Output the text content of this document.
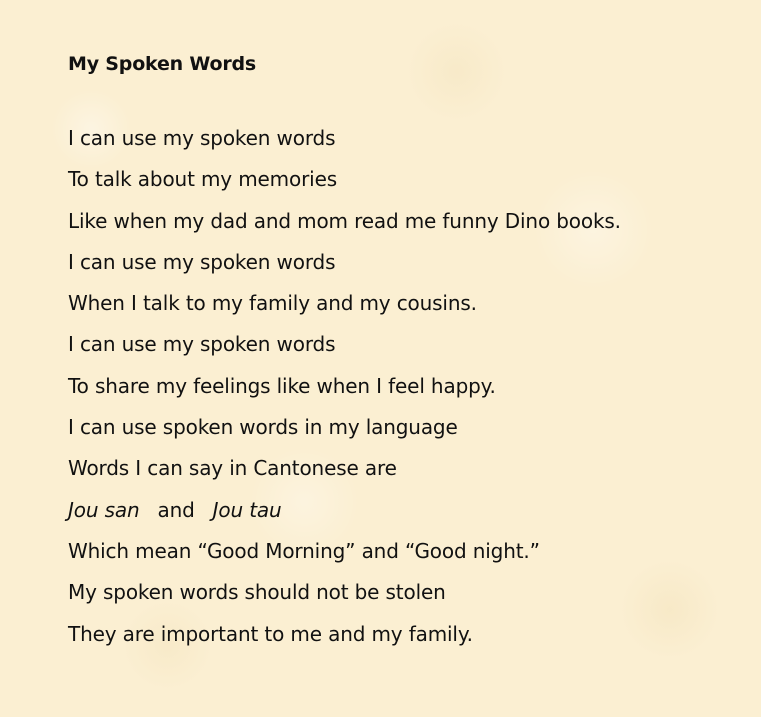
My Spoken Words
I can use my spoken words
To talk about my memories
Like when my dad and mom read me funny Dino books.
I can use my spoken words
When I talk to my family and my cousins.
I can use my spoken words
To share my feelings like when I feel happy.
I can use spoken words in my language
Words I can say in Cantonese are
Jou san and Jou tau
Which mean “Good Morning” and “Good night.”
My spoken words should not be stolen
They are important to me and my family.
